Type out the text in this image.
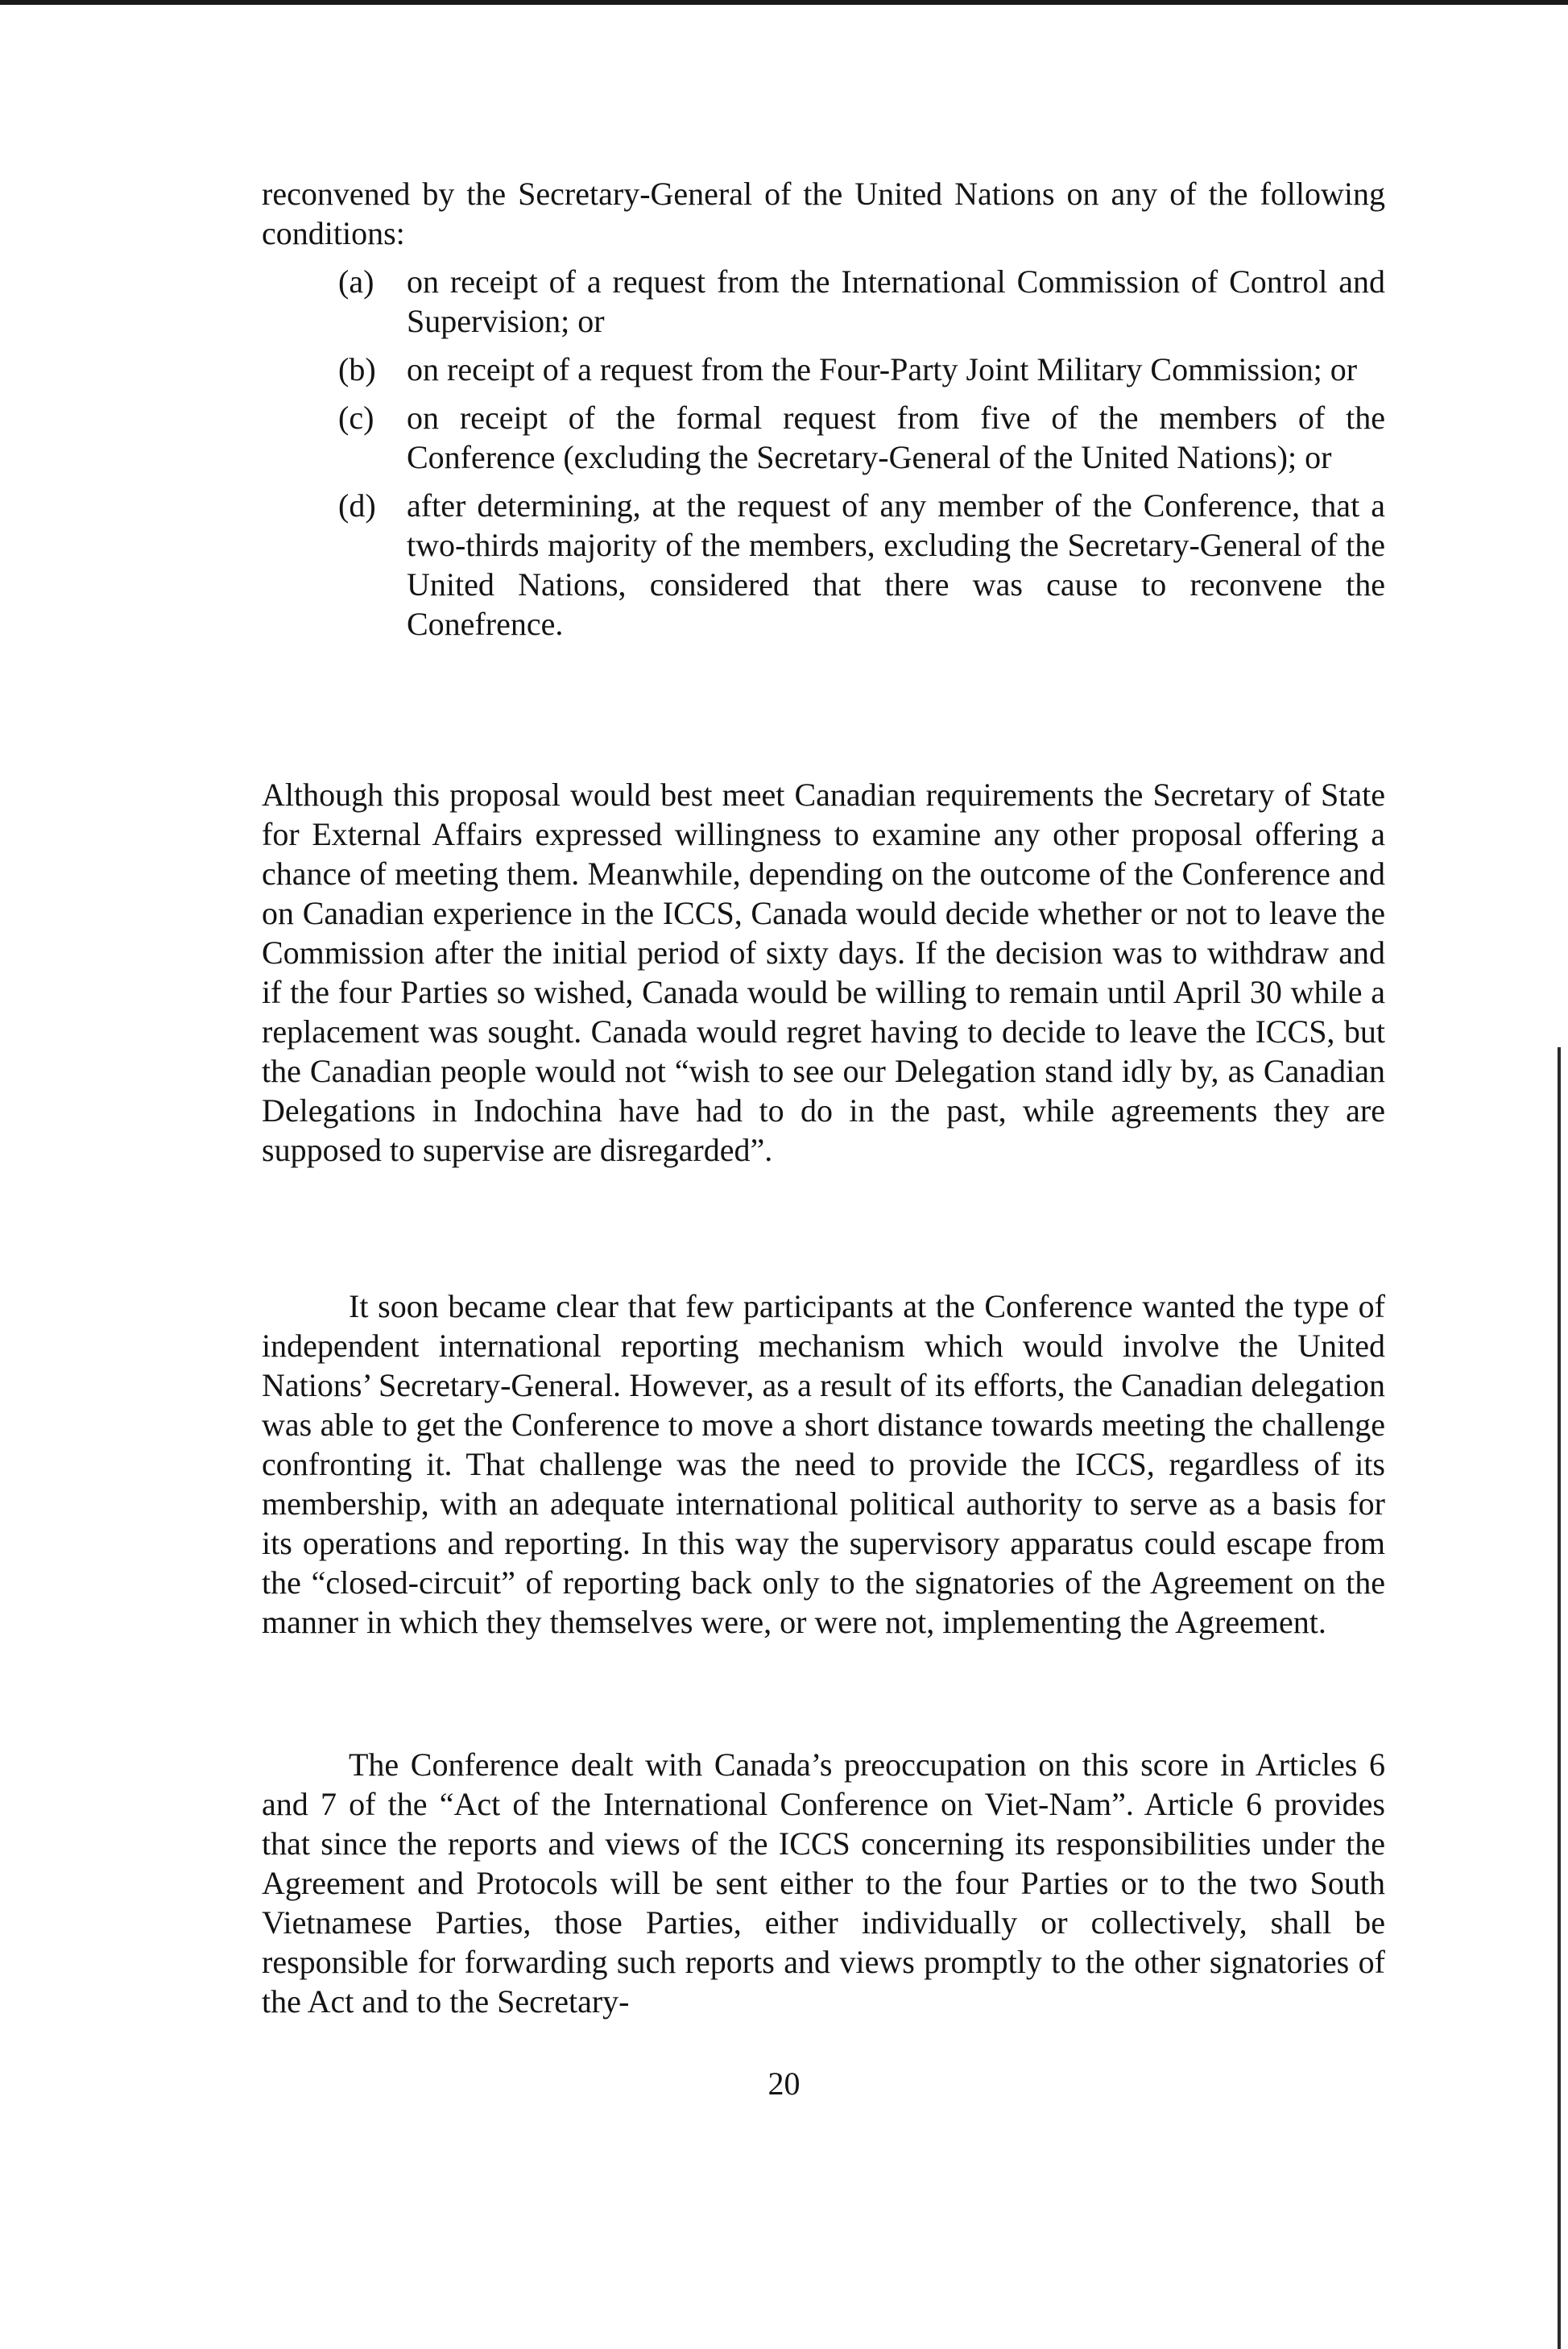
reconvened by the Secretary-General of the United Nations on any of the following conditions:

(a) on receipt of a request from the International Commission of Control and Supervision; or
(b) on receipt of a request from the Four-Party Joint Military Commission; or
(c) on receipt of the formal request from five of the members of the Conference (excluding the Secretary-General of the United Nations); or
(d) after determining, at the request of any member of the Conference, that a two-thirds majority of the members, excluding the Secretary-General of the United Nations, considered that there was cause to reconvene the Conefrence.

Although this proposal would best meet Canadian requirements the Secretary of State for External Affairs expressed willingness to examine any other proposal offering a chance of meeting them. Meanwhile, depending on the outcome of the Conference and on Canadian experience in the ICCS, Canada would decide whether or not to leave the Commission after the initial period of sixty days. If the decision was to withdraw and if the four Parties so wished, Canada would be willing to remain until April 30 while a replacement was sought. Canada would regret having to decide to leave the ICCS, but the Canadian people would not “wish to see our Delegation stand idly by, as Canadian Delegations in Indochina have had to do in the past, while agreements they are supposed to supervise are disregarded”.

It soon became clear that few participants at the Conference wanted the type of independent international reporting mechanism which would involve the United Nations’ Secretary-General. However, as a result of its efforts, the Canadian delegation was able to get the Conference to move a short distance towards meeting the challenge confronting it. That challenge was the need to provide the ICCS, regardless of its membership, with an adequate international political authority to serve as a basis for its operations and reporting. In this way the supervisory apparatus could escape from the “closed-circuit” of reporting back only to the signatories of the Agreement on the manner in which they themselves were, or were not, implementing the Agreement.

The Conference dealt with Canada’s preoccupation on this score in Articles 6 and 7 of the “Act of the International Conference on Viet-Nam”. Article 6 provides that since the reports and views of the ICCS concerning its responsibilities under the Agreement and Protocols will be sent either to the four Parties or to the two South Vietnamese Parties, those Parties, either individually or collectively, shall be responsible for forwarding such reports and views promptly to the other signatories of the Act and to the Secretary-

20
